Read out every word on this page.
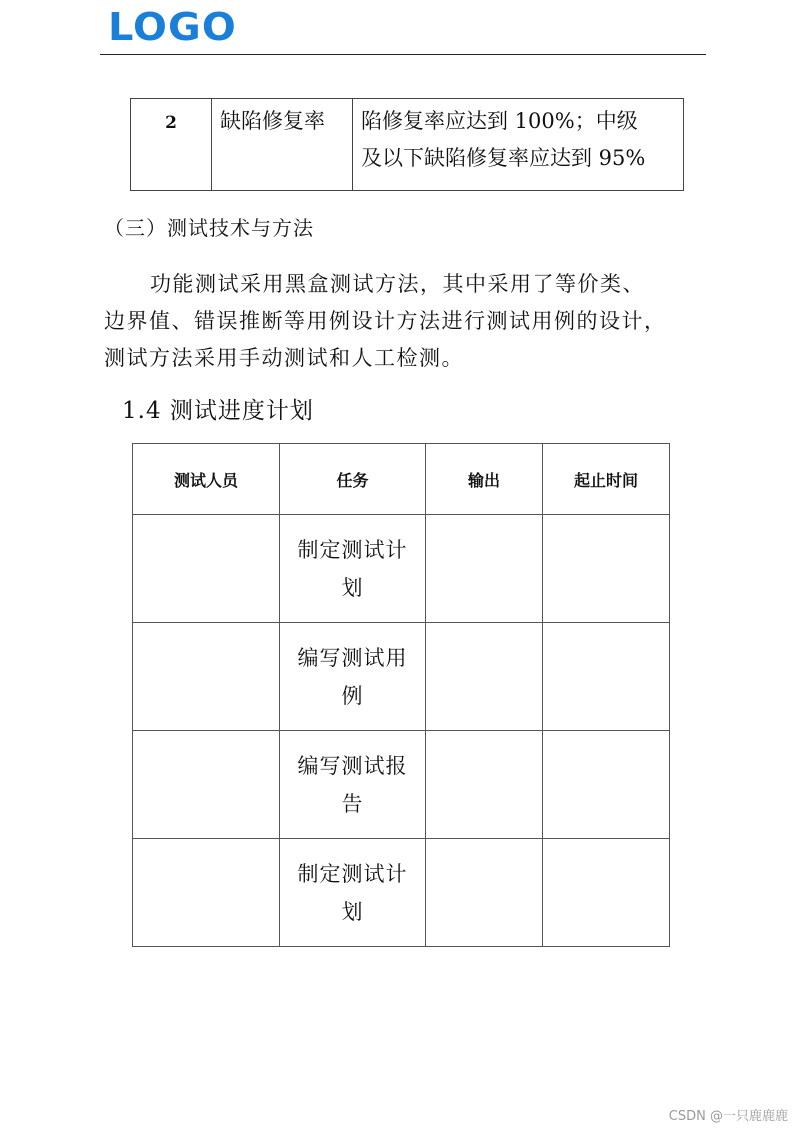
LOGO
2	缺陷修复率	陷修复率应达到 100%；中级
及以下缺陷修复率应达到 95%
（三）测试技术与方法

功能测试采用黑盒测试方法，其中采用了等价类、

边界值、错误推断等用例设计方法进行测试用例的设计，

测试方法采用手动测试和人工检测。

1.4 测试进度计划
测试人员	任务	输出	起止时间

	制定测试计划		

	编写测试用例		

	编写测试报告		

	制定测试计划		

CSDN @一只鹿鹿鹿
